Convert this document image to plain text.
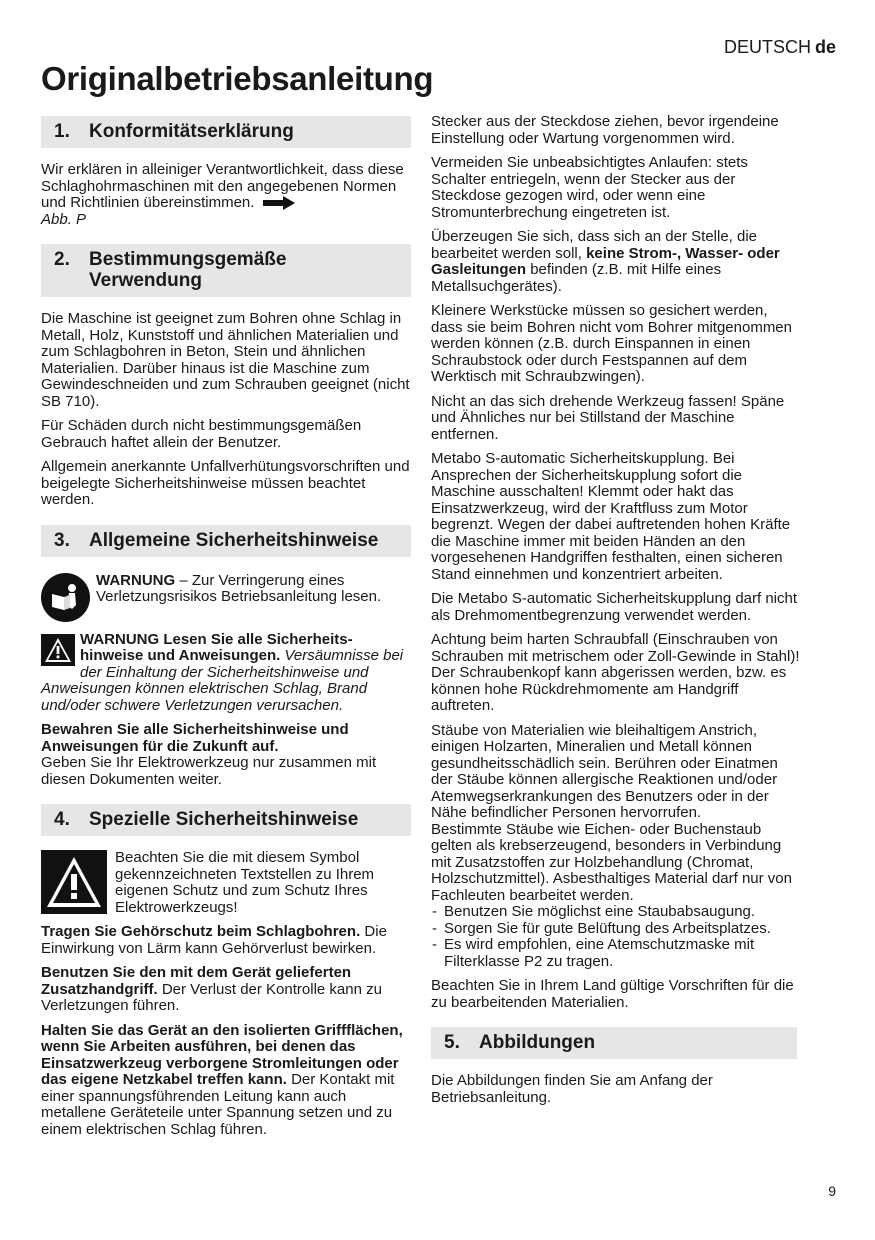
DEUTSCH de
Originalbetriebsanleitung
1.	Konformitätserklärung

Wir erklären in alleiniger Verantwortlichkeit, dass diese Schlaghohrmaschinen mit den angegebenen Normen und Richtlinien übereinstimmen.
Abb. P

2.	Bestimmungsgemäße Verwendung

Die Maschine ist geeignet zum Bohren ohne Schlag in Metall, Holz, Kunststoff und ähnlichen Materialien und zum Schlagbohren in Beton, Stein und ähnlichen Materialien. Darüber hinaus ist die Maschine zum Gewindeschneiden und zum Schrauben geeignet (nicht SB 710).

Für Schäden durch nicht bestimmungsgemäßen Gebrauch haftet allein der Benutzer.

Allgemein anerkannte Unfallverhütungsvorschriften und beigelegte Sicherheitshinweise müssen beachtet werden.

3.	Allgemeine Sicherheitshinweise
WARNUNG – Zur Verringerung eines Verletzungsrisikos Betriebsanleitung lesen.

WARNUNG Lesen Sie alle Sicherheits-hinweise und Anweisungen. Versäumnisse bei der Einhaltung der Sicherheitshinweise und Anweisungen können elektrischen Schlag, Brand und/oder schwere Verletzungen verursachen.

Bewahren Sie alle Sicherheitshinweise und Anweisungen für die Zukunft auf.
Geben Sie Ihr Elektrowerkzeug nur zusammen mit diesen Dokumenten weiter.

4.	Spezielle Sicherheitshinweise
Beachten Sie die mit diesem Symbol gekennzeichneten Textstellen zu Ihrem eigenen Schutz und zum Schutz Ihres Elektrowerkzeugs!

Tragen Sie Gehörschutz beim Schlagbohren. Die Einwirkung von Lärm kann Gehörverlust bewirken.

Benutzen Sie den mit dem Gerät gelieferten Zusatzhandgriff. Der Verlust der Kontrolle kann zu Verletzungen führen.

Halten Sie das Gerät an den isolierten Griffflächen, wenn Sie Arbeiten ausführen, bei denen das Einsatzwerkzeug verborgene Stromleitungen oder das eigene Netzkabel treffen kann. Der Kontakt mit einer spannungsführenden Leitung kann auch metallene Geräteteile unter Spannung setzen und zu einem elektrischen Schlag führen.

Stecker aus der Steckdose ziehen, bevor irgendeine Einstellung oder Wartung vorgenommen wird.

Vermeiden Sie unbeabsichtigtes Anlaufen: stets Schalter entriegeln, wenn der Stecker aus der Steckdose gezogen wird, oder wenn eine Stromunterbrechung eingetreten ist.

Überzeugen Sie sich, dass sich an der Stelle, die bearbeitet werden soll, keine Strom-, Wasser- oder Gasleitungen befinden (z.B. mit Hilfe eines Metallsuchgerätes).

Kleinere Werkstücke müssen so gesichert werden, dass sie beim Bohren nicht vom Bohrer mitgenommen werden können (z.B. durch Einspannen in einen Schraubstock oder durch Festspannen auf dem Werktisch mit Schraubzwingen).

Nicht an das sich drehende Werkzeug fassen! Späne und Ähnliches nur bei Stillstand der Maschine entfernen.

Metabo S-automatic Sicherheitskupplung. Bei Ansprechen der Sicherheitskupplung sofort die Maschine ausschalten! Klemmt oder hakt das Einsatzwerkzeug, wird der Kraftfluss zum Motor begrenzt. Wegen der dabei auftretenden hohen Kräfte die Maschine immer mit beiden Händen an den vorgesehenen Handgriffen festhalten, einen sicheren Stand einnehmen und konzentriert arbeiten.

Die Metabo S-automatic Sicherheitskupplung darf nicht als Drehmomentbegrenzung verwendet werden.

Achtung beim harten Schraubfall (Einschrauben von Schrauben mit metrischem oder Zoll-Gewinde in Stahl)! Der Schraubenkopf kann abgerissen werden, bzw. es können hohe Rückdrehmomente am Handgriff auftreten.

Stäube von Materialien wie bleihaltigem Anstrich, einigen Holzarten, Mineralien und Metall können gesundheitsschädlich sein. Berühren oder Einatmen der Stäube können allergische Reaktionen und/oder Atemwegserkrankungen des Benutzers oder in der Nähe befindlicher Personen hervorrufen.

Bestimmte Stäube wie Eichen- oder Buchenstaub gelten als krebserzeugend, besonders in Verbindung mit Zusatzstoffen zur Holzbehandlung (Chromat, Holzschutzmittel). Asbesthaltiges Material darf nur von Fachleuten bearbeitet werden.

- Benutzen Sie möglichst eine Staubabsaugung.
- Sorgen Sie für gute Belüftung des Arbeitsplatzes.
- Es wird empfohlen, eine Atemschutzmaske mit Filterklasse P2 zu tragen.

Beachten Sie in Ihrem Land gültige Vorschriften für die zu bearbeitenden Materialien.

5.	Abbildungen

Die Abbildungen finden Sie am Anfang der Betriebsanleitung.

9
